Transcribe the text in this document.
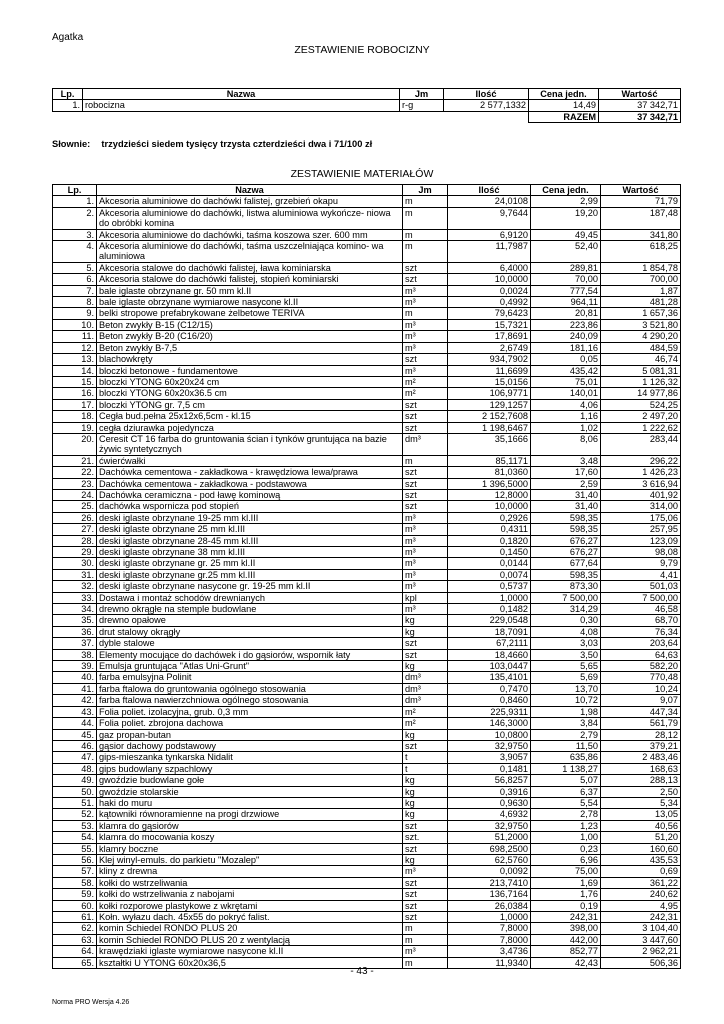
Agatka
ZESTAWIENIE ROBOCIZNY
Lp.	Nazwa	Jm	Ilość	Cena jedn.	Wartość
1.	robocizna	r-g	2 577,1332	14,49	37 342,71
				RAZEM	37 342,71
Słownie: trzydzieści siedem tysięcy trzysta czterdzieści dwa i 71/100 zł
ZESTAWIENIE MATERIAŁÓW
Lp.	Nazwa	Jm	Ilość	Cena jedn.	Wartość
1.	Akcesoria aluminiowe do dachówki falistej, grzebień okapu	m	24,0108	2,99	71,79
2.	Akcesoria aluminiowe do dachówki, listwa aluminiowa wykończe- niowa do obróbki komina	m	9,7644	19,20	187,48
3.	Akcesoria aluminiowe do dachówki, taśma koszowa szer. 600 mm	m	6,9120	49,45	341,80
4.	Akcesoria aluminiowe do dachówki, taśma uszczelniająca komino- wa aluminiowa	m	11,7987	52,40	618,25
5.	Akcesoria stalowe do dachówki falistej, ława kominiarska	szt	6,4000	289,81	1 854,78
6.	Akcesoria stalowe do dachówki falistej, stopień kominiarski	szt	10,0000	70,00	700,00
7.	bale iglaste obrzynane gr. 50 mm kl.II	m³	0,0024	777,54	1,87
8.	bale iglaste obrzynane wymiarowe nasycone kl.II	m³	0,4992	964,11	481,28
9.	belki stropowe prefabrykowane żelbetowe TERIVA	m	79,6423	20,81	1 657,36
10.	Beton zwykły B-15 (C12/15)	m³	15,7321	223,86	3 521,80
11.	Beton zwykły B-20 (C16/20)	m³	17,8691	240,09	4 290,20
12.	Beton zwykły B-7,5	m³	2,6749	181,16	484,59
13.	blachowkręty	szt	934,7902	0,05	46,74
14.	bloczki betonowe - fundamentowe	m³	11,6699	435,42	5 081,31
15.	bloczki YTONG 60x20x24 cm	m²	15,0156	75,01	1 126,32
16.	bloczki YTONG 60x20x36.5 cm	m²	106,9771	140,01	14 977,86
17.	bloczki YTONG gr. 7,5 cm	szt	129,1257	4,06	524,25
18.	Cegła bud.pełna 25x12x6,5cm - kl.15	szt	2 152,7608	1,16	2 497,20
19.	cegła dziurawka pojedyncza	szt	1 198,6467	1,02	1 222,62
20.	Ceresit CT 16 farba do gruntowania ścian i tynków gruntująca na bazie żywic syntetycznych	dm³	35,1666	8,06	283,44
21.	ćwierćwałki	m	85,1171	3,48	296,22
22.	Dachówka cementowa - zakładkowa - krawędziowa lewa/prawa	szt	81,0360	17,60	1 426,23
23.	Dachówka cementowa - zakładkowa - podstawowa	szt	1 396,5000	2,59	3 616,94
24.	Dachówka ceramiczna - pod ławę kominową	szt	12,8000	31,40	401,92
25.	dachówka wspornicza pod stopień	szt	10,0000	31,40	314,00
26.	deski iglaste obrzynane 19-25 mm kl.III	m³	0,2926	598,35	175,06
27.	deski iglaste obrzynane 25 mm kl.III	m³	0,4311	598,35	257,95
28.	deski iglaste obrzynane 28-45 mm kl.III	m³	0,1820	676,27	123,09
29.	deski iglaste obrzynane 38 mm kl.III	m³	0,1450	676,27	98,08
30.	deski iglaste obrzynane gr. 25 mm kl.II	m³	0,0144	677,64	9,79
31.	deski iglaste obrzynane gr.25 mm kl.III	m³	0,0074	598,35	4,41
32.	deski iglaste obrzynane nasycone gr. 19-25 mm kl.II	m³	0,5737	873,30	501,03
33.	Dostawa i montaż schodów drewnianych	kpl	1,0000	7 500,00	7 500,00
34.	drewno okrągłe na stemple budowlane	m³	0,1482	314,29	46,58
35.	drewno opałowe	kg	229,0548	0,30	68,70
36.	drut stalowy okrągły	kg	18,7091	4,08	76,34
37.	dyble stalowe	szt	67,2111	3,03	203,64
38.	Elementy mocujące do dachówek i do gąsiorów, wspornik łaty	szt	18,4660	3,50	64,63
39.	Emulsja gruntująca "Atlas Uni-Grunt"	kg	103,0447	5,65	582,20
40.	farba emulsyjna Polinit	dm³	135,4101	5,69	770,48
41.	farba ftalowa do gruntowania ogólnego stosowania	dm³	0,7470	13,70	10,24
42.	farba ftalowa nawierzchniowa ogólnego stosowania	dm³	0,8460	10,72	9,07
43.	Folia poliet. izolacyjna, grub. 0,3 mm	m²	225,9311	1,98	447,34
44.	Folia poliet. zbrojona dachowa	m²	146,3000	3,84	561,79
45.	gaz propan-butan	kg	10,0800	2,79	28,12
46.	gąsior dachowy podstawowy	szt	32,9750	11,50	379,21
47.	gips-mieszanka tynkarska Nidalit	t	3,9057	635,86	2 483,46
48.	gips budowlany szpachlowy	t	0,1481	1 138,27	168,63
49.	gwoździe budowlane gołe	kg	56,8257	5,07	288,13
50.	gwoździe stolarskie	kg	0,3916	6,37	2,50
51.	haki do muru	kg	0,9630	5,54	5,34
52.	kątowniki równoramienne na progi drzwiowe	kg	4,6932	2,78	13,05
53.	klamra do gąsiorów	szt	32,9750	1,23	40,56
54.	klamra do mocowania koszy	szt.	51,2000	1,00	51,20
55.	klamry boczne	szt	698,2500	0,23	160,60
56.	Klej winyl-emuls. do parkietu "Mozalep"	kg	62,5760	6,96	435,53
57.	kliny z drewna	m³	0,0092	75,00	0,69
58.	kołki do wstrzeliwania	szt	213,7410	1,69	361,22
59.	kołki do wstrzeliwania z nabojami	szt	136,7164	1,76	240,62
60.	kołki rozporowe plastykowe z wkrętami	szt	26,0384	0,19	4,95
61.	Kołn. wyłazu dach. 45x55 do pokryć falist.	szt	1,0000	242,31	242,31
62.	komin Schiedel RONDO PLUS 20	m	7,8000	398,00	3 104,40
63.	komin Schiedel RONDO PLUS 20 z wentylacją	m	7,8000	442,00	3 447,60
64.	krawędziaki iglaste wymiarowe nasycone kl.II	m³	3,4736	852,77	2 962,21
65.	kształtki U YTONG 60x20x36,5	m	11,9340	42,43	506,36
- 43 -
Norma PRO Wersja 4.26
